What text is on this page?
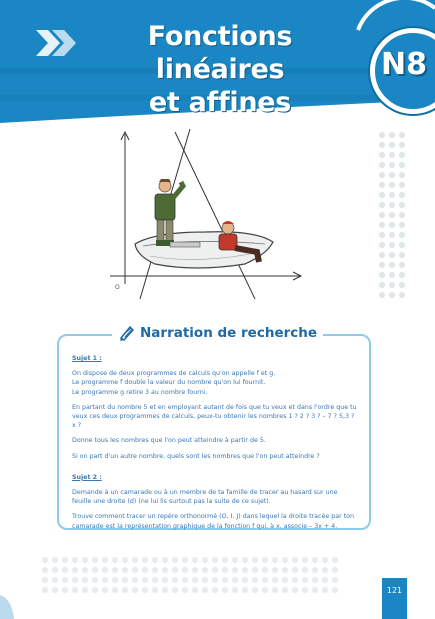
Fonctions linéaires
et affines
N8
O
Narration de recherche

Sujet 1 :

On dispose de deux programmes de calculs qu'on appelle f et g.

Le programme f double la valeur du nombre qu'on lui fournit.

Le programme g retire 3 au nombre fourni.

En partant du nombre 5 et en employant autant de fois que tu veux et dans l'ordre que tu veux ces deux programmes de calculs, peux-tu obtenir les nombres 1 ? 2 ? 3 ? – 7 ? 5,3 ? x ?

Donne tous les nombres que l'on peut atteindre à partir de 5.

Si on part d'un autre nombre, quels sont les nombres que l'on peut atteindre ?

Sujet 2 :

Demande à un camarade ou à un membre de ta famille de tracer au hasard sur une feuille une droite (d) (ne lui lis surtout pas la suite de ce sujet).

Trouve comment tracer un repère orthonormé (O, I, J) dans lequel la droite tracée par ton camarade est la représentation graphique de la fonction f qui, à x, associe – 3x + 4.

121
